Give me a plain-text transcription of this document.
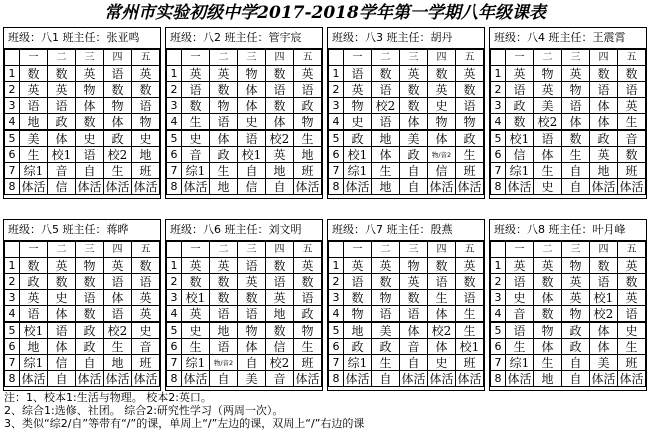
常州市实验初级中学2017-2018学年第一学期八年级课表
班级：八1 班主任：张亚鸣
	一	二	三	四	五
1	数	数	英	语	英
2	英	英	物	数	数
3	语	语	体	物	语
4	地	政	数	体	物
5	美	体	史	政	史
6	生	校1	语	校2	地
7	综1	音	自	生	班
8	体活	信	体活	体活	体活
班级：八2 班主任：管宇宸
	一	二	三	四	五
1	英	英	物	数	英
2	语	数	体	语	语
3	数	物	体	数	政
4	生	语	史	体	物
5	史	体	语	校2	生
6	音	政	校1	英	地
7	综1	生	自	地	班
8	体活	地	信	自	体活
班级：八3 班主任：胡丹
	一	二	三	四	五
1	语	数	英	数	英
2	英	语	数	英	数
3	物	校2	数	史	语
4	史	语	体	物	物
5	政	地	美	体	政
6	校1	体	政	物/音2	生
7	综1	生	自	信	班
8	体活	地	自	体活	体活
班级：八4 班主任：王震霄
	一	二	三	四	五
1	英	物	英	数	数
2	语	英	物	语	语
3	政	美	语	体	英
4	数	校2	体	体	生
5	校1	语	数	政	音
6	信	体	生	英	数
7	综1	生	自	地	班
8	体活	史	自	体活	体活
班级：八5 班主任：蒋晔
	一	二	三	四	五
1	数	英	物	英	数
2	政	数	数	语	语
3	英	史	语	体	英
4	语	体	数	语	英
5	校1	语	政	校2	史
6	地	体	政	生	音
7	综1	信	自	地	班
8	体活	自	体活	体活	体活
班级：八6 班主任：刘文明
	一	二	三	四	五
1	英	英	语	数	英
2	数	数	英	语	数
3	校1	数	数	英	语
4	英	语	语	地	政
5	史	地	物	数	物
6	生	语	体	信	生
7	综1	物/音2	自	校2	班
8	体活	自	美	音	体活
班级：八7 班主任：殷燕
	一	二	三	四	五
1	英	英	物	数	英
2	语	数	英	语	数
3	数	物	数	生	语
4	物	语	语	体	生
5	地	美	体	校2	生
6	政	政	音	体	校1
7	综1	生	自	史	班
8	体活	自	体活	体活	体活
班级：八8 班主任：叶月峰
	一	二	三	四	五
1	英	英	物	数	英
2	语	数	英	语	数
3	史	体	英	校1	英
4	音	数	物	校2	语
5	语	物	政	体	史
6	生	体	政	体	生
7	综1	生	自	美	班
8	体活	地	自	体活	体活
注：1、校本1:生活与物理。 校本2:英口。
2、综合1:选修、社团。 综合2:研究性学习（两周一次）。
3、类似“综2/自”等带有“/”的课，单周上“/”左边的课，双周上“/”右边的课
